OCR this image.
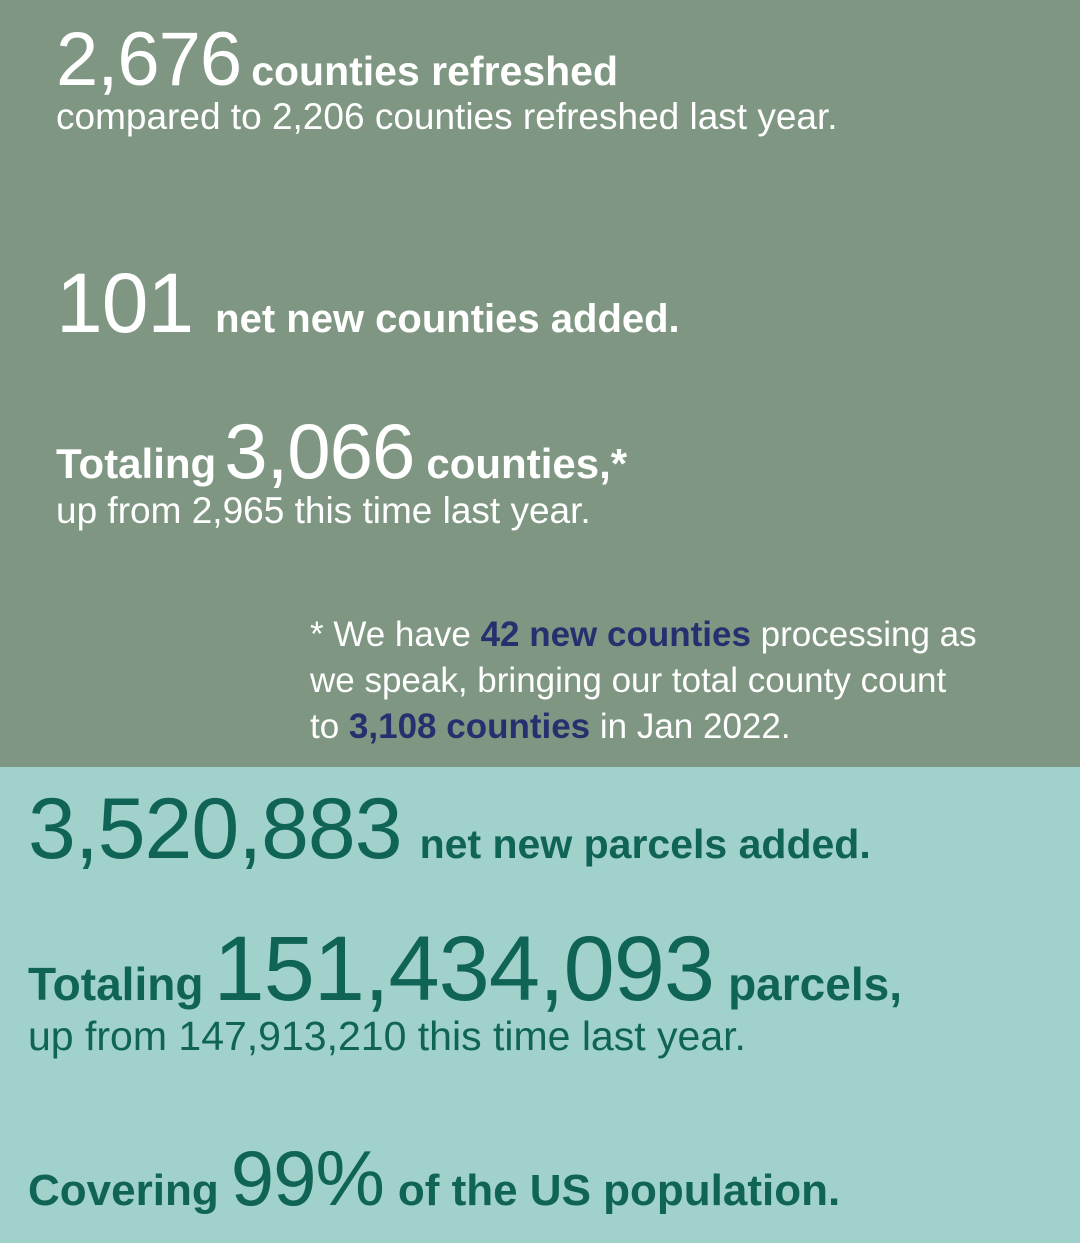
2,676 counties refreshed
compared to 2,206 counties refreshed last year.
101 net new counties added.
Totaling 3,066 counties,*
up from 2,965 this time last year.
* We have 42 new counties processing as
we speak, bringing our total county count
to 3,108 counties in Jan 2022.
3,520,883 net new parcels added.
Totaling 151,434,093 parcels,
up from 147,913,210 this time last year.
Covering 99% of the US population.
